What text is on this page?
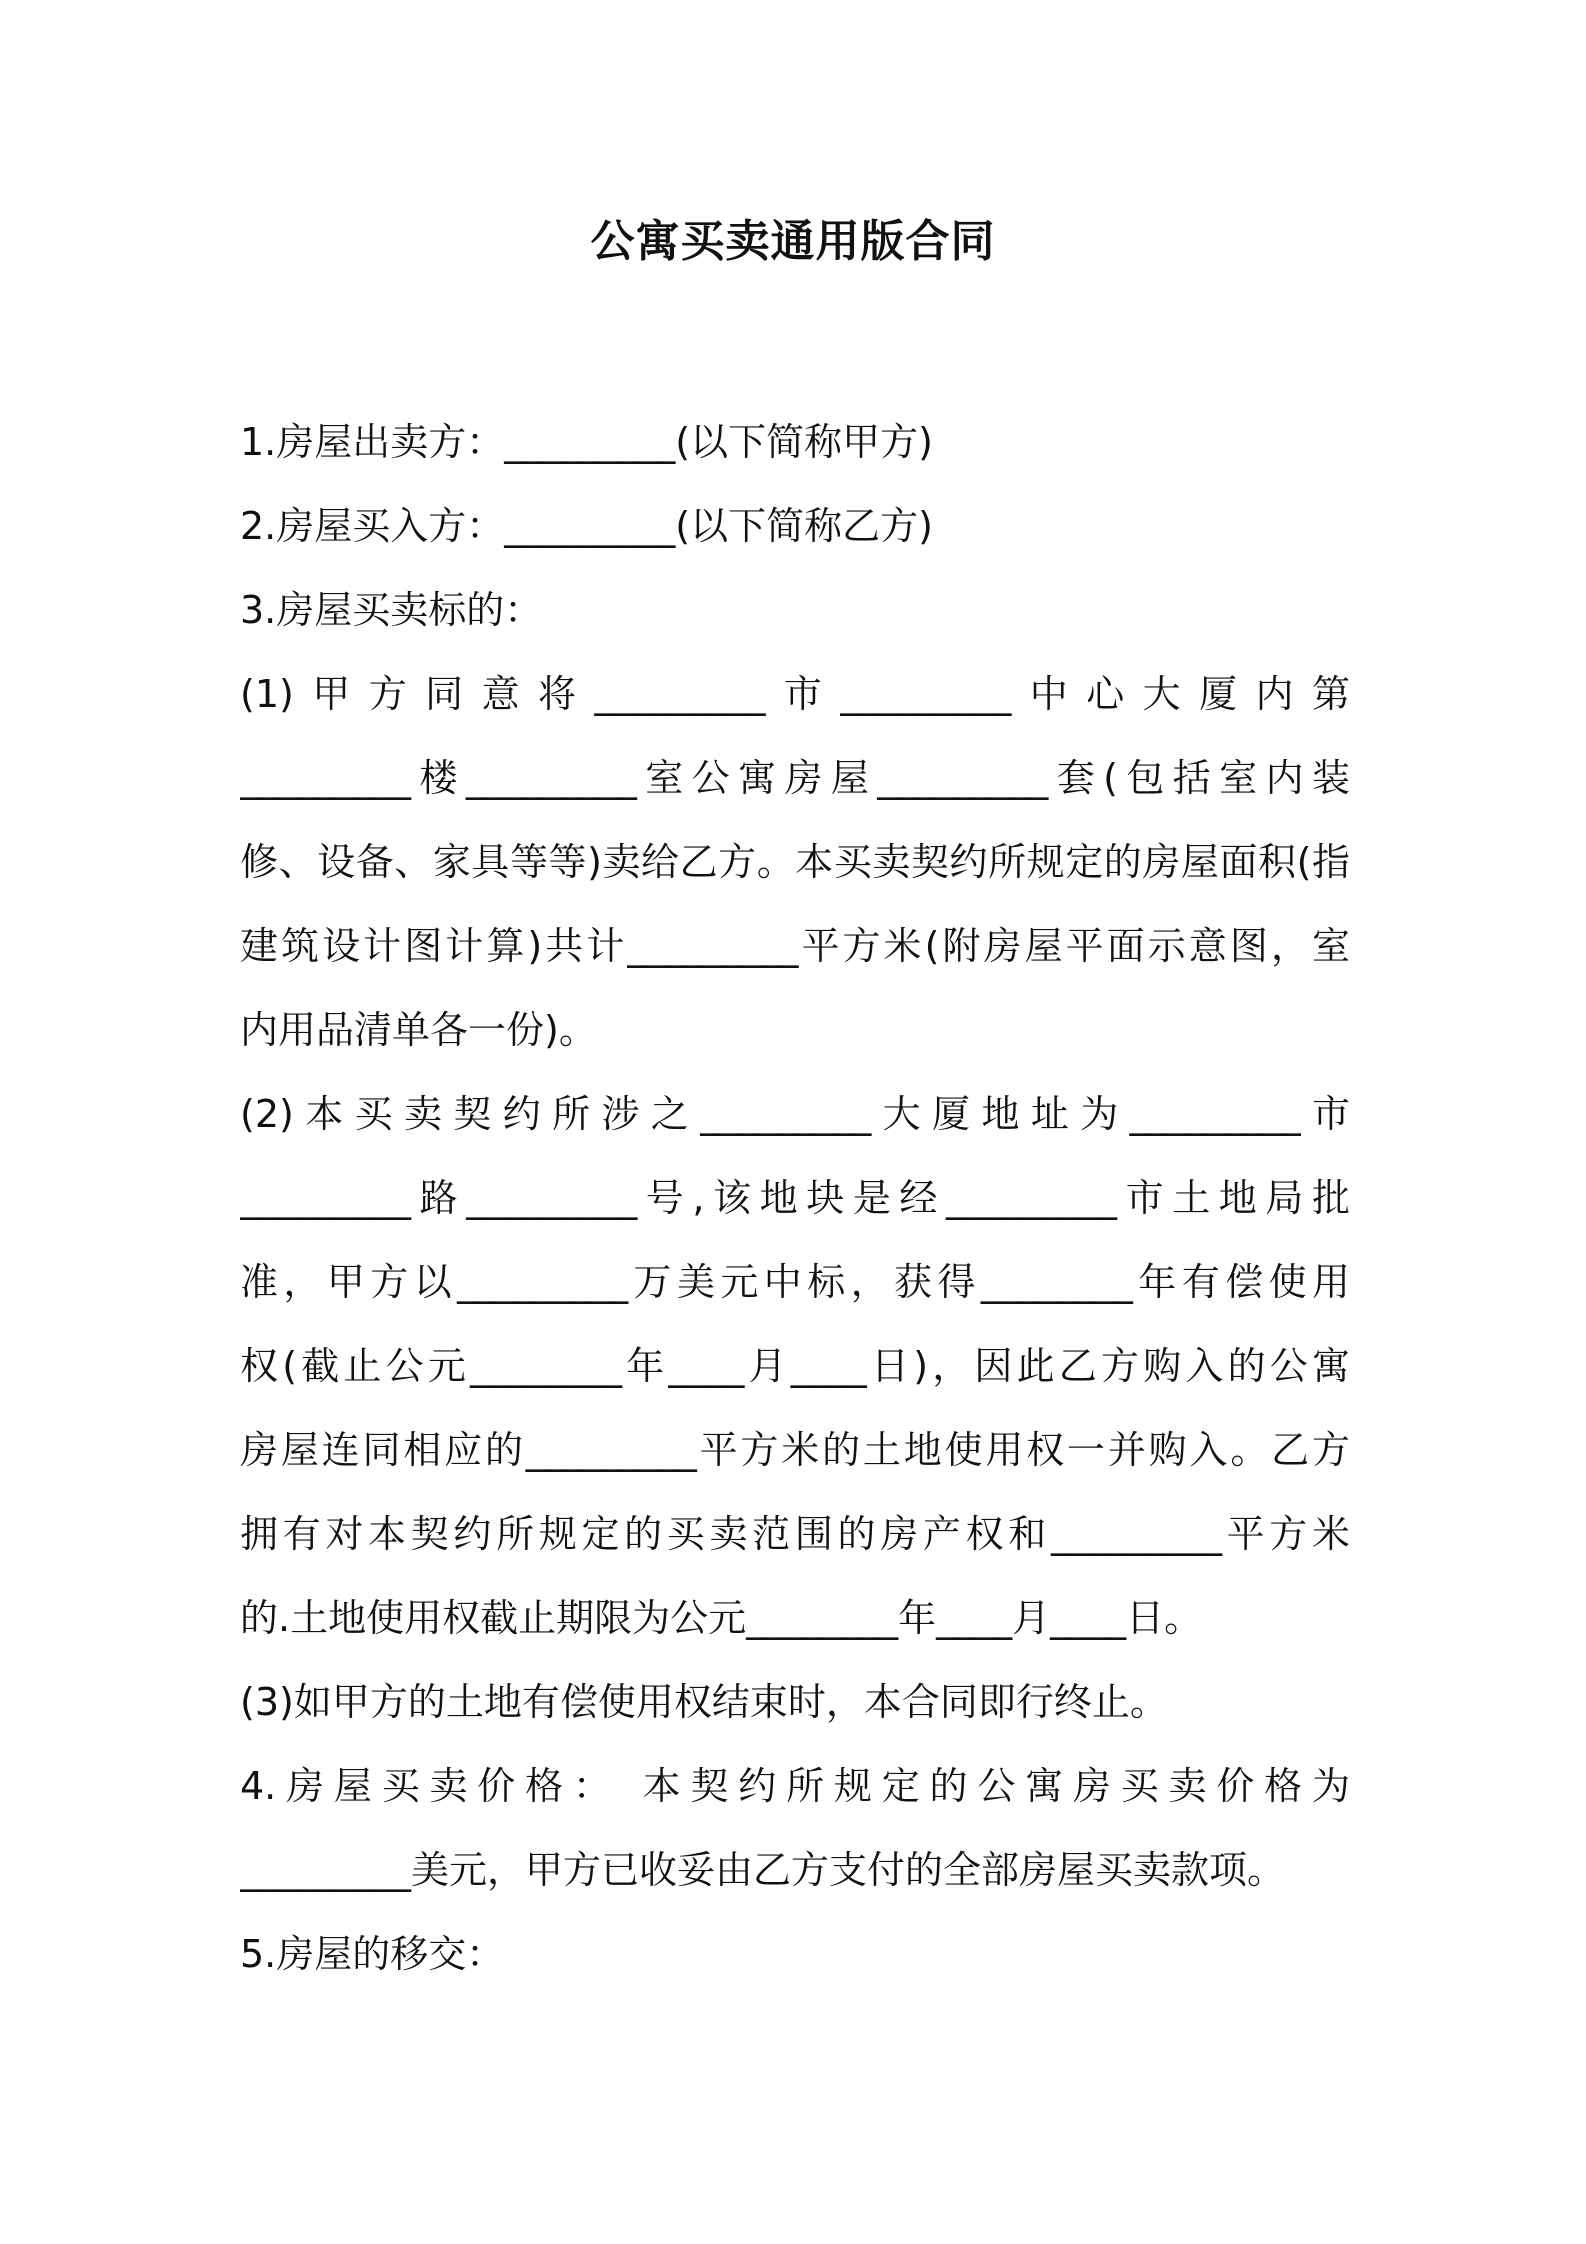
公寓买卖通用版合同
1.房屋出卖方：_________(以下简称甲方)
2.房屋买入方：_________(以下简称乙方)
3.房屋买卖标的：
(1)甲方同意将_________市_________中心大厦内第
_________楼_________室公寓房屋_________套(包括室内装
修、设备、家具等等)卖给乙方。本买卖契约所规定的房屋面积(指
建筑设计图计算)共计_________平方米(附房屋平面示意图，室
内用品清单各一份)。
(2)本买卖契约所涉之_________大厦地址为_________市
_________路_________号,该地块是经_________市土地局批
准，甲方以_________万美元中标，获得________年有偿使用
权(截止公元________年____月____日)，因此乙方购入的公寓
房屋连同相应的_________平方米的土地使用权一并购入。乙方
拥有对本契约所规定的买卖范围的房产权和_________平方米
的.土地使用权截止期限为公元________年____月____日。
(3)如甲方的土地有偿使用权结束时，本合同即行终止。
4.房屋买卖价格： 本契约所规定的公寓房买卖价格为
_________美元，甲方已收妥由乙方支付的全部房屋买卖款项。
5.房屋的移交：
